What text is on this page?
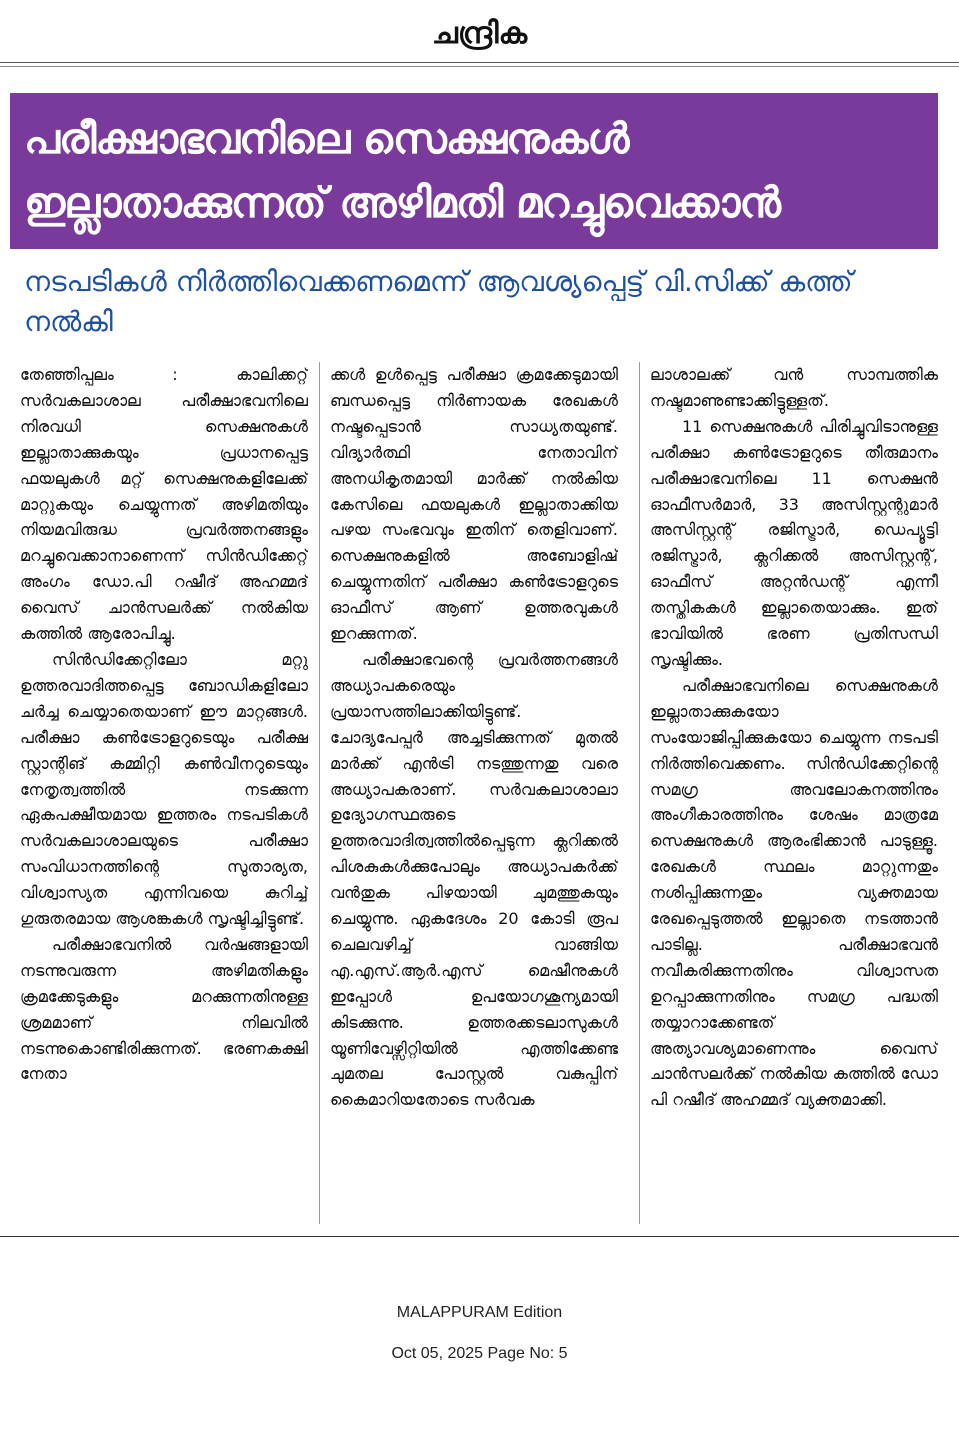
ചന്ദ്രിക
പരീക്ഷാഭവനിലെ സെക്ഷനുകൾ
ഇല്ലാതാക്കുന്നത് അഴിമതി മറച്ചുവെക്കാൻ
നടപടികൾ നിർത്തിവെക്കണമെന്ന് ആവശ്യപ്പെട്ട് വി.സിക്ക് കത്ത് നൽകി

തേഞ്ഞിപ്പലം : കാലിക്കറ്റ് സർവകലാശാല പരീക്ഷാഭവനിലെ നിരവധി സെക്ഷനുകൾ ഇല്ലാതാക്കുകയും പ്രധാനപ്പെട്ട ഫയലുകൾ മറ്റ് സെക്ഷനുകളിലേക്ക് മാറ്റുകയും ചെയ്യുന്നത് അഴിമതിയും നിയമവിരുദ്ധ പ്രവർത്തനങ്ങളും മറച്ചുവെക്കാനാണെന്ന് സിൻഡിക്കേറ്റ് അംഗം ഡോ.പി റഷീദ് അഹമ്മദ് വൈസ് ചാൻസലർക്ക് നൽകിയ കത്തിൽ ആരോപിച്ചു.

സിൻഡിക്കേറ്റിലോ മറ്റു ഉത്തരവാദിത്തപ്പെട്ട ബോഡികളിലോ ചർച്ച ചെയ്യാതെയാണ് ഈ മാറ്റങ്ങൾ. പരീക്ഷാ കൺട്രോളറുടെയും പരീക്ഷ സ്റ്റാന്റിങ് കമ്മിറ്റി കൺവീനറുടെയും നേതൃത്വത്തിൽ നടക്കുന്ന ഏകപക്ഷീയമായ ഇത്തരം നടപടികൾ സർവകലാശാലയുടെ പരീക്ഷാ സംവിധാനത്തിന്റെ സുതാര്യത, വിശ്വാസ്യത എന്നിവയെ കുറിച്ച് ഗുരുതരമായ ആശങ്കകൾ സൃഷ്ടിച്ചിട്ടുണ്ട്.

പരീക്ഷാഭവനിൽ വർഷങ്ങളായി നടന്നുവരുന്ന അഴിമതികളും ക്രമക്കേടുകളും മറക്കുന്നതിനുള്ള ശ്രമമാണ് നിലവിൽ നടന്നുകൊണ്ടിരിക്കുന്നത്. ഭരണകക്ഷി നേതാ

ക്കൾ ഉൾപ്പെട്ട പരീക്ഷാ ക്രമക്കേടുമായി ബന്ധപ്പെട്ട നിർണായക രേഖകൾ നഷ്ടപ്പെടാൻ സാധ്യതയുണ്ട്. വിദ്യാർത്ഥി നേതാവിന് അനധികൃതമായി മാർക്ക് നൽകിയ കേസിലെ ഫയലുകൾ ഇല്ലാതാക്കിയ പഴയ സംഭവവും ഇതിന് തെളിവാണ്. സെക്ഷനുകളിൽ അബോളിഷ് ചെയ്യുന്നതിന് പരീക്ഷാ കൺട്രോളറുടെ ഓഫീസ് ആണ് ഉത്തരവുകൾ ഇറക്കുന്നത്.

പരീക്ഷാഭവന്റെ പ്രവർത്തനങ്ങൾ അധ്യാപകരെയും പ്രയാസത്തിലാക്കിയിട്ടുണ്ട്. ചോദ്യപേപ്പർ അച്ചടിക്കുന്നത് മുതൽ മാർക്ക് എൻട്രി നടത്തുന്നതു വരെ അധ്യാപകരാണ്. സർവകലാശാലാ ഉദ്യോഗസ്ഥരുടെ ഉത്തരവാദിത്വത്തിൽപ്പെടുന്ന ക്ലറിക്കൽ പിശകുകൾക്കുപോലും അധ്യാപകർക്ക് വൻതുക പിഴയായി ചുമത്തുകയും ചെയ്യുന്നു. ഏകദേശം 20 കോടി രൂപ ചെലവഴിച്ച് വാങ്ങിയ എ.എസ്.ആർ.എസ് മെഷീനുകൾ ഇപ്പോൾ ഉപയോഗശൂന്യമായി കിടക്കുന്നു. ഉത്തരക്കടലാസുകൾ യൂണിവേഴ്സിറ്റിയിൽ എത്തിക്കേണ്ട ചുമതല പോസ്റ്റൽ വകുപ്പിന് കൈമാറിയതോടെ സർവക

ലാശാലക്ക് വൻ സാമ്പത്തിക നഷ്ടമാണുണ്ടാക്കിട്ടുള്ളത്.

11 സെക്ഷനുകൾ പിരിച്ചുവിടാനുള്ള പരീക്ഷാ കൺട്രോളറുടെ തീരുമാനം പരീക്ഷാഭവനിലെ 11 സെക്ഷൻ ഓഫീസർമാർ, 33 അസിസ്റ്റന്റുമാർ അസിസ്റ്റന്റ് രജിസ്ട്രാർ, ഡെപ്യൂട്ടി രജിസ്ട്രാർ, ക്ലറിക്കൽ അസിസ്റ്റന്റ്, ഓഫീസ് അറ്റൻഡന്റ് എന്നീ തസ്തികകൾ ഇല്ലാതെയാക്കും. ഇത് ഭാവിയിൽ ഭരണ പ്രതിസന്ധി സൃഷ്ടിക്കും.

പരീക്ഷാഭവനിലെ സെക്ഷനുകൾ ഇല്ലാതാക്കുകയോ സംയോജിപ്പിക്കുകയോ ചെയ്യുന്ന നടപടി നിർത്തിവെക്കണം. സിൻഡിക്കേറ്റിന്റെ സമഗ്ര അവലോകനത്തിനും അംഗീകാരത്തിനും ശേഷം മാത്രമേ സെക്ഷനുകൾ ആരംഭിക്കാൻ പാടുള്ളൂ. രേഖകൾ സ്ഥലം മാറ്റുന്നതും നശിപ്പിക്കുന്നതും വ്യക്തമായ രേഖപ്പെടുത്തൽ ഇല്ലാതെ നടത്താൻ പാടില്ല. പരീക്ഷാഭവൻ നവീകരിക്കുന്നതിനും വിശ്വാസത ഉറപ്പാക്കുന്നതിനും സമഗ്ര പദ്ധതി തയ്യാറാക്കേണ്ടത് അത്യാവശ്യമാണെന്നും വൈസ് ചാൻസലർക്ക് നൽകിയ കത്തിൽ ഡോ പി റഷീദ് അഹമ്മദ് വ്യക്തമാക്കി.

MALAPPURAM Edition
Oct 05, 2025 Page No: 5
